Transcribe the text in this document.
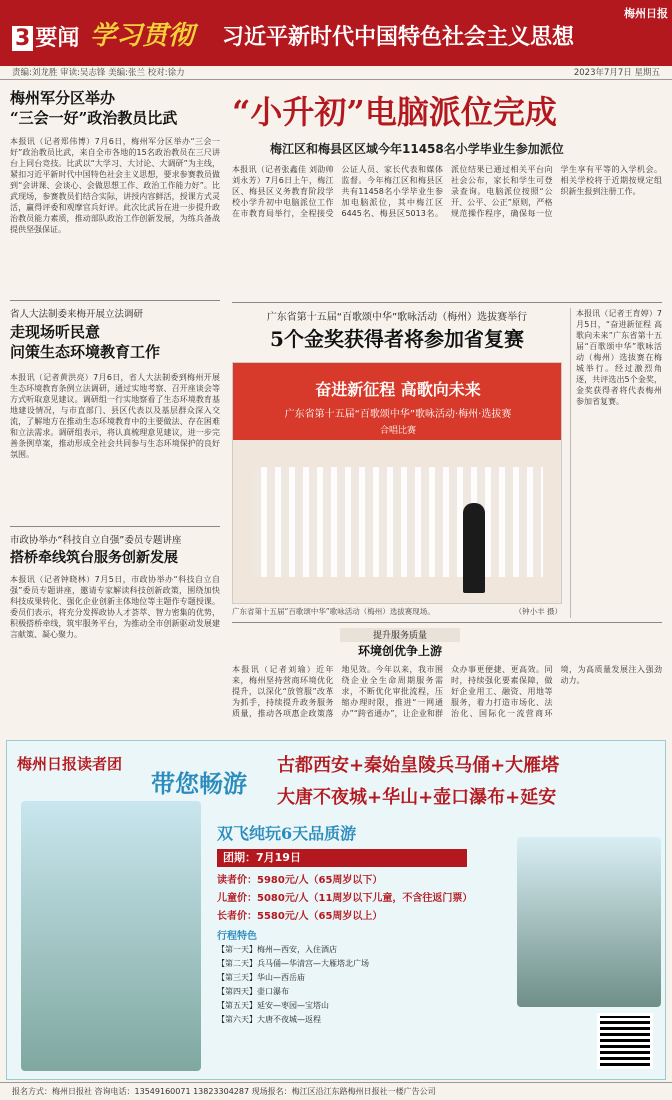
3 要闻 学习贯彻	习近平新时代中国特色社会主义思想
梅州日报
责编:刘龙胜 审读:吴志锋 美编:张兰 校对:徐力	2023年7月7日 星期五
梅州军分区举办
“三会一好”政治教员比武
本报讯（记者郑伟博）7月6日，梅州军分区举办“三会一好”政治教员比武，来自全市各地的15名政治教员在三尺讲台上同台竞技。比武以“大学习、大讨论、大调研”为主线，紧扣习近平新时代中国特色社会主义思想，要求参赛教员做到“会讲课、会谈心、会做思想工作、政治工作能力好”。比武现场，参赛教员们结合实际，讲授内容鲜活，授课方式灵活，赢得评委和观摩官兵好评。此次比武旨在进一步提升政治教员能力素质，推动部队政治工作创新发展，为练兵备战提供坚强保证。
省人大法制委来梅开展立法调研
走现场听民意
问策生态环境教育工作
本报讯（记者黄洪亮）7月6日，省人大法制委到梅州开展生态环境教育条例立法调研，通过实地考察、召开座谈会等方式听取意见建议。调研组一行实地察看了生态环境教育基地建设情况，与市直部门、县区代表以及基层群众深入交流，了解地方在推动生态环境教育中的主要做法、存在困难和立法需求。调研组表示，将认真梳理意见建议，进一步完善条例草案，推动形成全社会共同参与生态环境保护的良好氛围。
市政协举办“科技自立自强”委员专题讲座
搭桥牵线筑台服务创新发展
本报讯（记者钟晓林）7月5日，市政协举办“科技自立自强”委员专题讲座，邀请专家解读科技创新政策，围绕加快科技成果转化、强化企业创新主体地位等主题作专题授课。委员们表示，将充分发挥政协人才荟萃、智力密集的优势，积极搭桥牵线，筑牢服务平台，为推动全市创新驱动发展建言献策、凝心聚力。
“小升初”电脑派位完成
梅江区和梅县区区域今年11458名小学毕业生参加派位
本报讯（记者张鑫佳 刘劭帅 刘永芳）7月6日上午，梅江区、梅县区义务教育阶段学校小学升初中电脑派位工作在市教育局举行，全程接受公证人员、家长代表和媒体监督。今年梅江区和梅县区共有11458名小学毕业生参加电脑派位，其中梅江区6445名、梅县区5013名。派位结果已通过相关平台向社会公布，家长和学生可登录查询。电脑派位按照“公开、公平、公正”原则，严格规范操作程序，确保每一位学生享有平等的入学机会。相关学校将于近期按规定组织新生报到注册工作。
广东省第十五届“百歌颂中华”歌咏活动（梅州）选拔赛举行
5个金奖获得者将参加省复赛
奋进新征程 高歌向未来
广东省第十五届“百歌颂中华”歌咏活动·梅州·选拔赛
合唱比赛
广东省第十五届“百歌颂中华”歌咏活动（梅州）选拔赛现场。	（钟小丰 摄）
本报讯（记者王育婷）7月5日，“奋进新征程 高歌向未来”广东省第十五届“百歌颂中华”歌咏活动（梅州）选拔赛在梅城举行。经过激烈角逐，共评选出5个金奖，金奖获得者将代表梅州参加省复赛。
提升服务质量
环境创优争上游
本报讯（记者刘瑜）近年来，梅州坚持营商环境优化提升，以深化“放管服”改革为抓手，持续提升政务服务质量，推动各项惠企政策落地见效。今年以来，我市围绕企业全生命周期服务需求，不断优化审批流程，压缩办理时限，推进“一网通办”“跨省通办”，让企业和群众办事更便捷、更高效。同时，持续强化要素保障，做好企业用工、融资、用地等服务，着力打造市场化、法治化、国际化一流营商环境，为高质量发展注入强劲动力。
梅州日报读者团
带您畅游
古都西安+秦始皇陵兵马俑+大雁塔
大唐不夜城+华山+壶口瀑布+延安
双飞纯玩6天品质游
团期：7月19日
读者价：5980元/人（65周岁以下）
儿童价：5080元/人（11周岁以下儿童，不含往返门票）
长者价：5580元/人（65周岁以上）
行程特色
【第一天】梅州—西安，入住酒店
【第二天】兵马俑—华清宫—大雁塔北广场
【第三天】华山—西岳庙
【第四天】壶口瀑布
【第五天】延安—枣园—宝塔山
【第六天】大唐不夜城—返程
报名方式：梅州日报社 咨询电话：13549160071 13823304287 现场报名：梅江区沿江东路梅州日报社一楼广告公司
